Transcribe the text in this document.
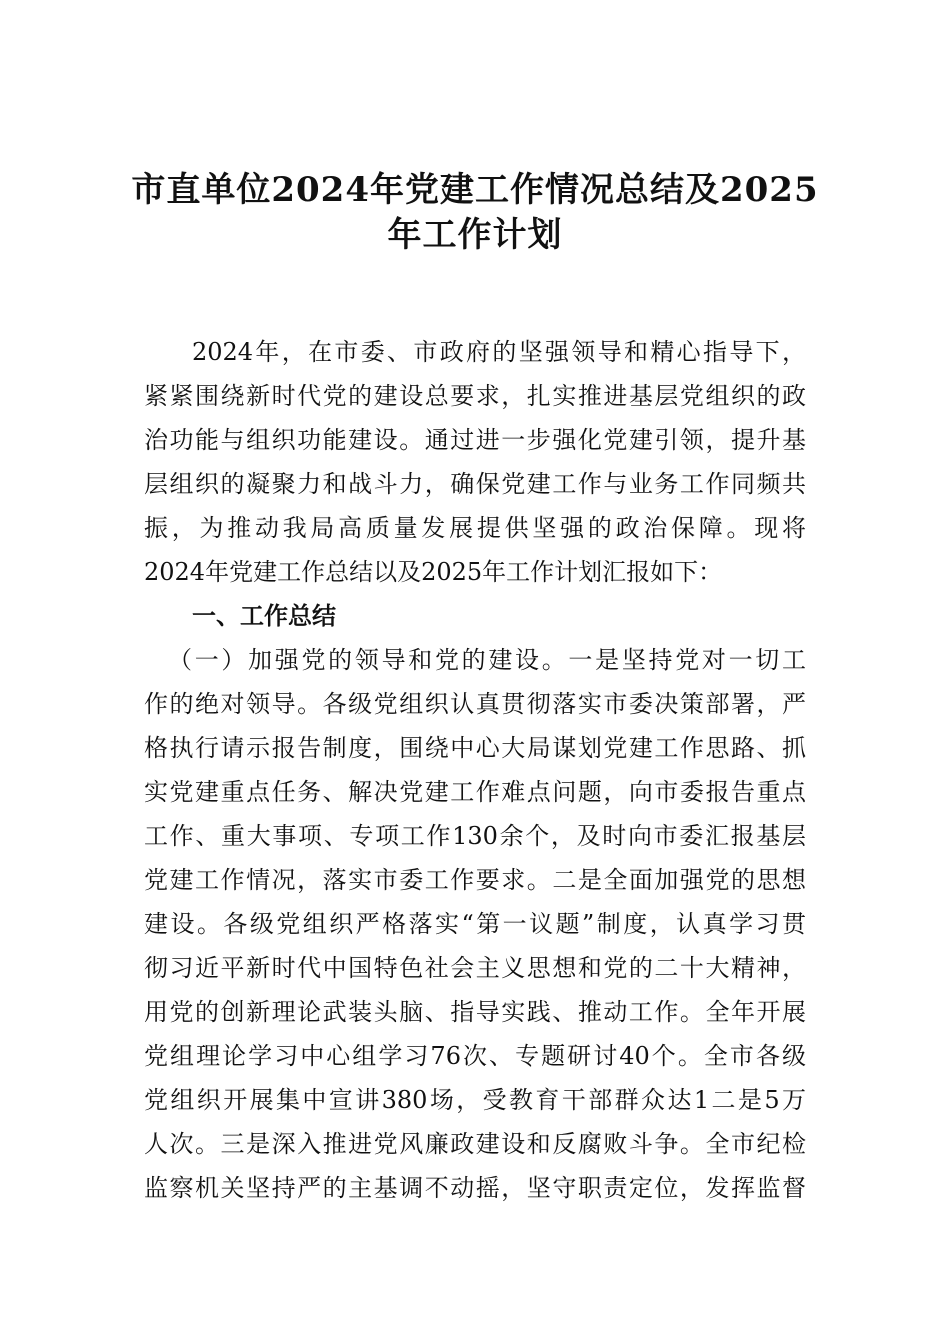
市直单位2024年党建工作情况总结及2025
年工作计划
2024年，在市委、市政府的坚强领导和精心指导下，
紧紧围绕新时代党的建设总要求，扎实推进基层党组织的政
治功能与组织功能建设。通过进一步强化党建引领，提升基
层组织的凝聚力和战斗力，确保党建工作与业务工作同频共
振，为推动我局高质量发展提供坚强的政治保障。现将
2024年党建工作总结以及2025年工作计划汇报如下：
一、工作总结
（一）加强党的领导和党的建设。一是坚持党对一切工
作的绝对领导。各级党组织认真贯彻落实市委决策部署，严
格执行请示报告制度，围绕中心大局谋划党建工作思路、抓
实党建重点任务、解决党建工作难点问题，向市委报告重点
工作、重大事项、专项工作130余个，及时向市委汇报基层
党建工作情况，落实市委工作要求。二是全面加强党的思想
建设。各级党组织严格落实“第一议题”制度，认真学习贯
彻习近平新时代中国特色社会主义思想和党的二十大精神，
用党的创新理论武装头脑、指导实践、推动工作。全年开展
党组理论学习中心组学习76次、专题研讨40个。全市各级
党组织开展集中宣讲380场，受教育干部群众达1二是5万
人次。三是深入推进党风廉政建设和反腐败斗争。全市纪检
监察机关坚持严的主基调不动摇，坚守职责定位，发挥监督
